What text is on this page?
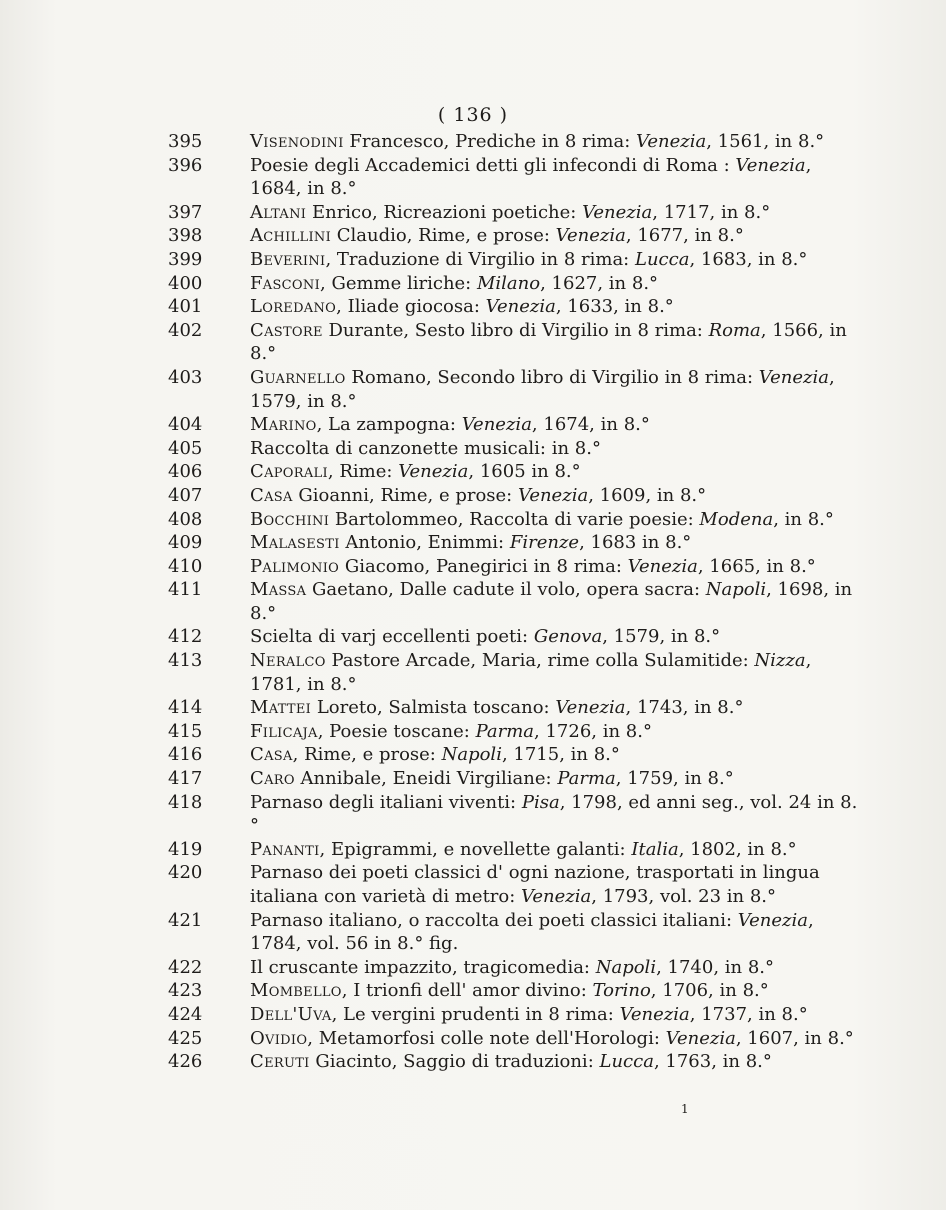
( 136 )
395	Visenodini Francesco, Prediche in 8 rima: Venezia, 1561, in 8.°
396	Poesie degli Accademici detti gli infecondi di Roma : Venezia, 1684, in 8.°
397	Altani Enrico, Ricreazioni poetiche: Venezia, 1717, in 8.°
398	Achillini Claudio, Rime, e prose: Venezia, 1677, in 8.°
399	Beverini, Traduzione di Virgilio in 8 rima: Lucca, 1683, in 8.°
400	Fasconi, Gemme liriche: Milano, 1627, in 8.°
401	Loredano, Iliade giocosa: Venezia, 1633, in 8.°
402	Castore Durante, Sesto libro di Virgilio in 8 rima: Roma, 1566, in 8.°
403	Guarnello Romano, Secondo libro di Virgilio in 8 rima: Venezia, 1579, in 8.°
404	Marino, La zampogna: Venezia, 1674, in 8.°
405	Raccolta di canzonette musicali: in 8.°
406	Caporali, Rime: Venezia, 1605 in 8.°
407	Casa Gioanni, Rime, e prose: Venezia, 1609, in 8.°
408	Bocchini Bartolommeo, Raccolta di varie poesie: Modena, in 8.°
409	Malasesti Antonio, Enimmi: Firenze, 1683 in 8.°
410	Palimonio Giacomo, Panegirici in 8 rima: Venezia, 1665, in 8.°
411	Massa Gaetano, Dalle cadute il volo, opera sacra: Napoli, 1698, in 8.°
412	Scielta di varj eccellenti poeti: Genova, 1579, in 8.°
413	Neralco Pastore Arcade, Maria, rime colla Sulamitide: Nizza, 1781, in 8.°
414	Mattei Loreto, Salmista toscano: Venezia, 1743, in 8.°
415	Filicaja, Poesie toscane: Parma, 1726, in 8.°
416	Casa, Rime, e prose: Napoli, 1715, in 8.°
417	Caro Annibale, Eneidi Virgiliane: Parma, 1759, in 8.°
418	Parnaso degli italiani viventi: Pisa, 1798, ed anni seg., vol. 24 in 8.°
419	Pananti, Epigrammi, e novellette galanti: Italia, 1802, in 8.°
420	Parnaso dei poeti classici d' ogni nazione, trasportati in lingua italiana con varietà di metro: Venezia, 1793, vol. 23 in 8.°
421	Parnaso italiano, o raccolta dei poeti classici italiani: Venezia, 1784, vol. 56 in 8.° fig.
422	Il cruscante impazzito, tragicomedia: Napoli, 1740, in 8.°
423	Mombello, I trionfi dell' amor divino: Torino, 1706, in 8.°
424	Dell'Uva, Le vergini prudenti in 8 rima: Venezia, 1737, in 8.°
425	Ovidio, Metamorfosi colle note dell'Horologi: Venezia, 1607, in 8.°
426	Ceruti Giacinto, Saggio di traduzioni: Lucca, 1763, in 8.°
1
